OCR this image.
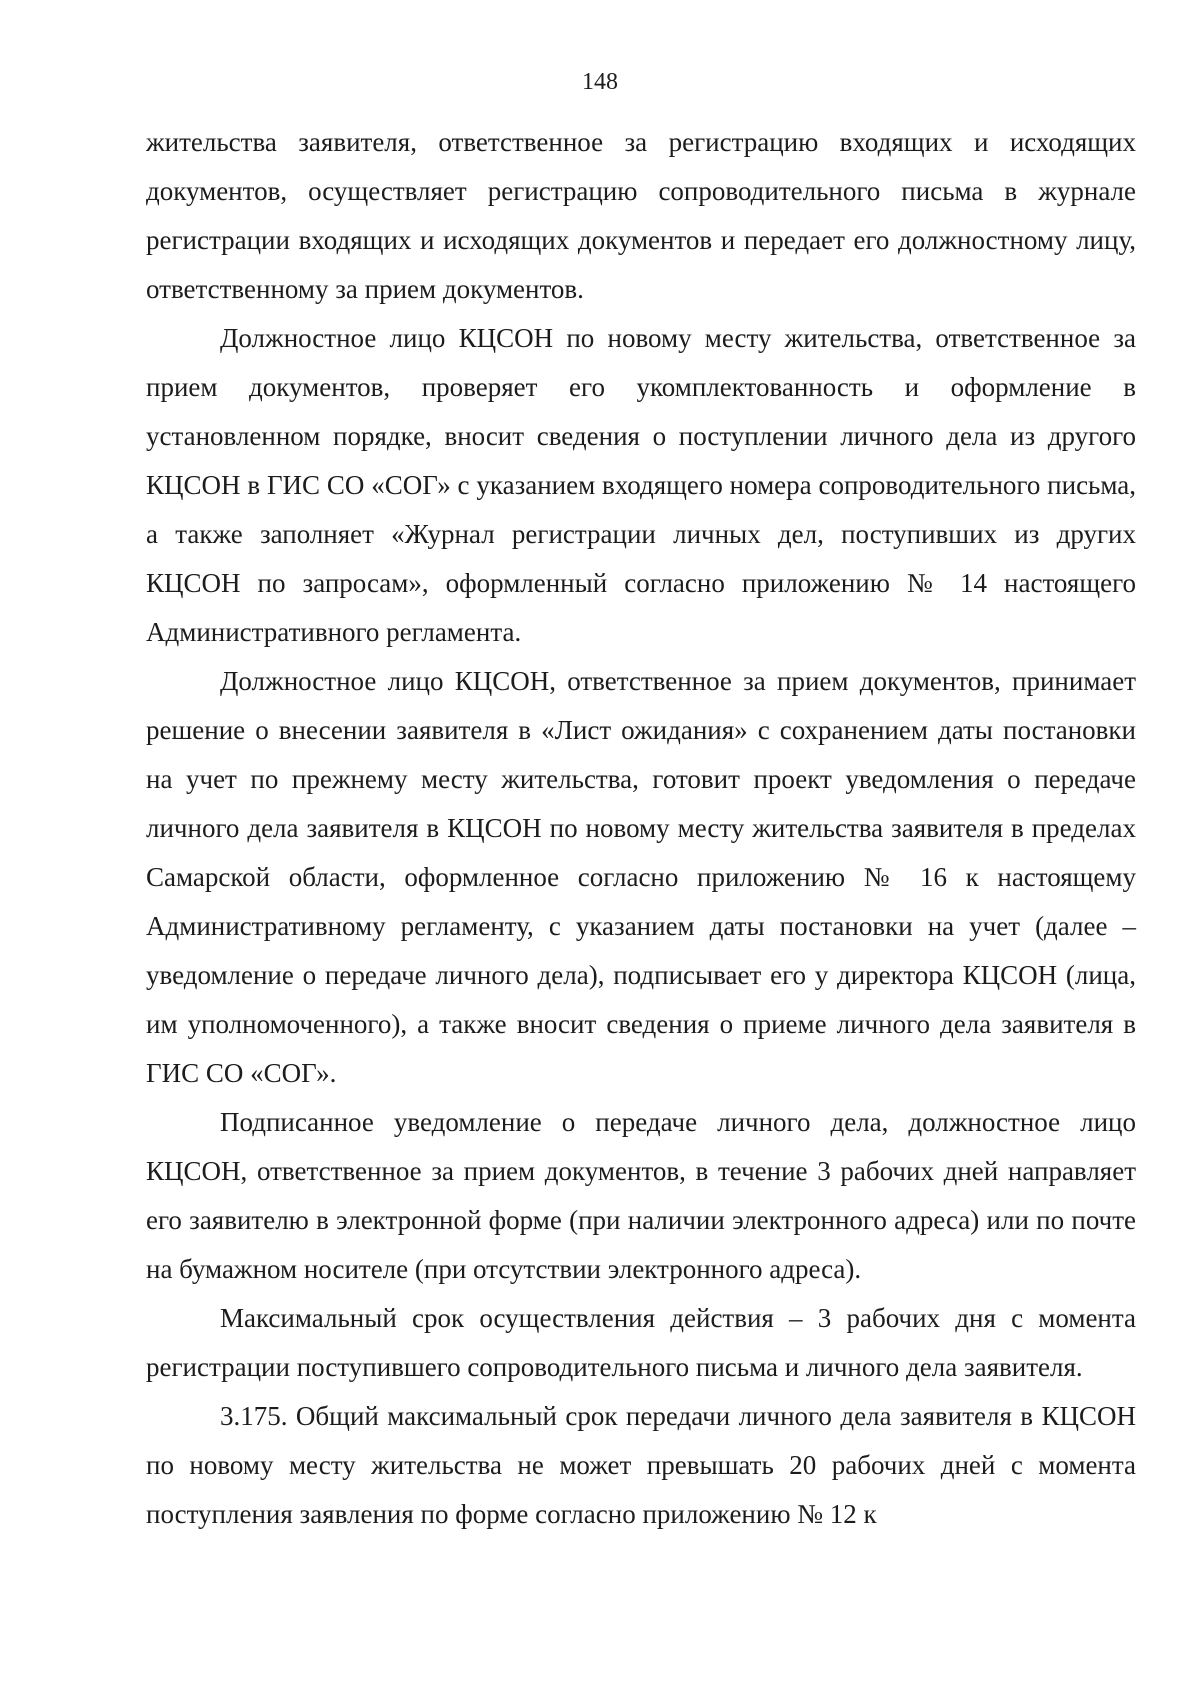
148

жительства заявителя, ответственное за регистрацию входящих и исходящих документов, осуществляет регистрацию сопроводительного письма в журнале регистрации входящих и исходящих документов и передает его должностному лицу, ответственному за прием документов.

Должностное лицо КЦСОН по новому месту жительства, ответственное за прием документов, проверяет его укомплектованность и оформление в установленном порядке, вносит сведения о поступлении личного дела из другого КЦСОН в ГИС СО «СОГ» с указанием входящего номера сопроводительного письма, а также заполняет «Журнал регистрации личных дел, поступивших из других КЦСОН по запросам», оформленный согласно приложению № 14 настоящего Административного регламента.

Должностное лицо КЦСОН, ответственное за прием документов, принимает решение о внесении заявителя в «Лист ожидания» с сохранением даты постановки на учет по прежнему месту жительства, готовит проект уведомления о передаче личного дела заявителя в КЦСОН по новому месту жительства заявителя в пределах Самарской области, оформленное согласно приложению № 16 к настоящему Административному регламенту, с указанием даты постановки на учет (далее – уведомление о передаче личного дела), подписывает его у директора КЦСОН (лица, им уполномоченного), а также вносит сведения о приеме личного дела заявителя в ГИС СО «СОГ».

Подписанное уведомление о передаче личного дела, должностное лицо КЦСОН, ответственное за прием документов, в течение 3 рабочих дней направляет его заявителю в электронной форме (при наличии электронного адреса) или по почте на бумажном носителе (при отсутствии электронного адреса).

Максимальный срок осуществления действия – 3 рабочих дня с момента регистрации поступившего сопроводительного письма и личного дела заявителя.

3.175. Общий максимальный срок передачи личного дела заявителя в КЦСОН по новому месту жительства не может превышать 20 рабочих дней с момента поступления заявления по форме согласно приложению № 12 к
